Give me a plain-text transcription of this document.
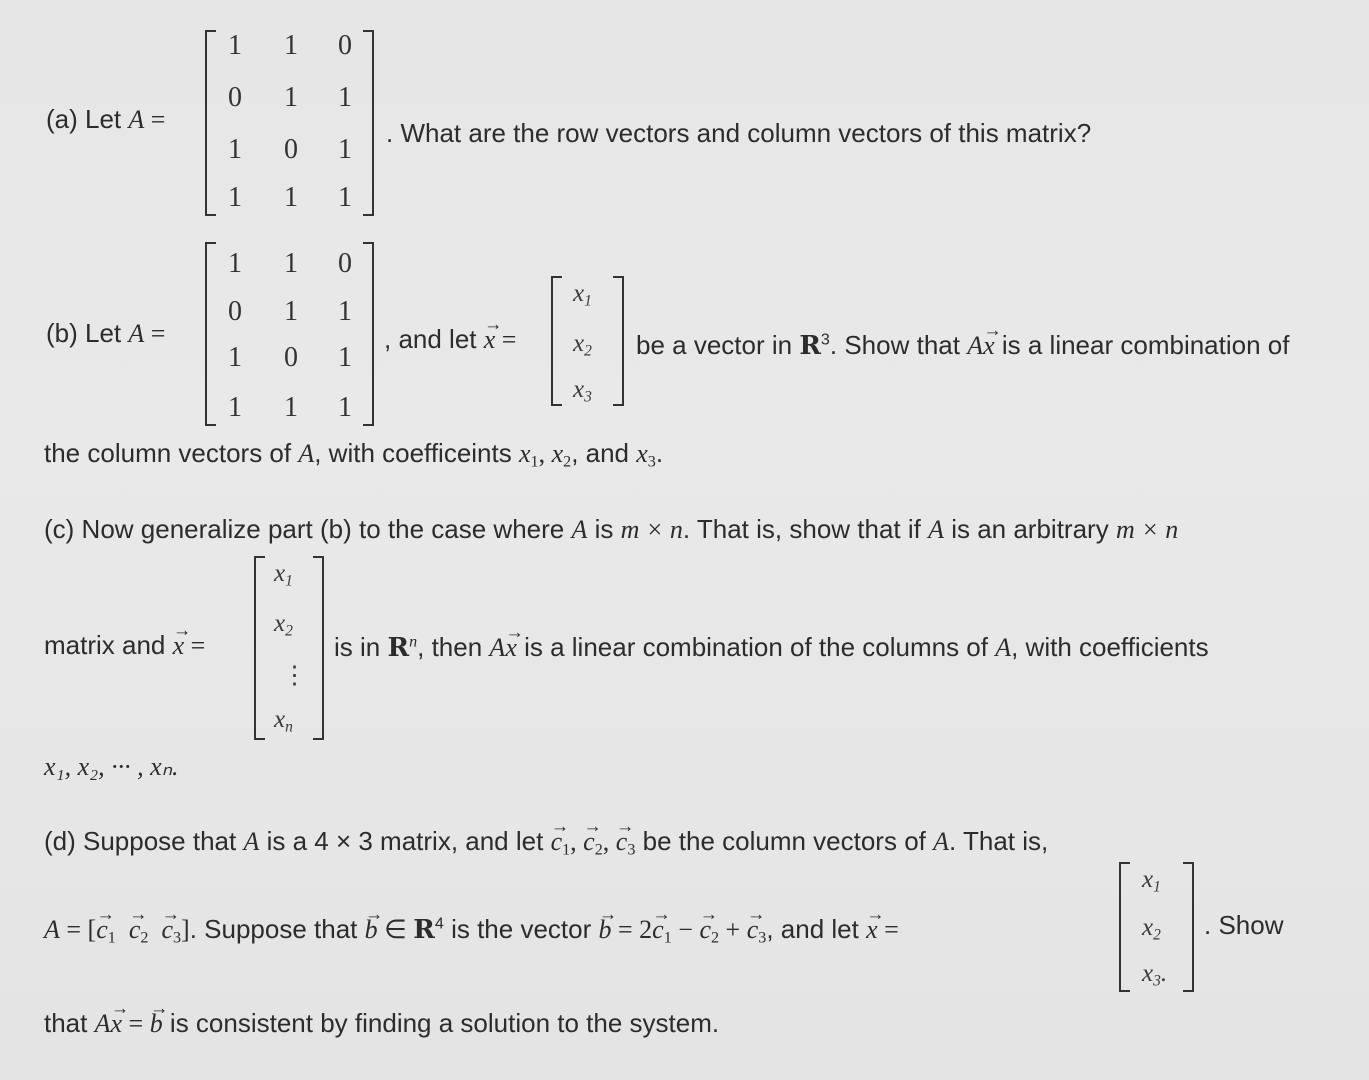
(a) Let A =
1 1 0
0 1 1
1 0 1
1 1 1
. What are the row vectors and column vectors of this matrix?
(b) Let A =
1 1 0
0 1 1
1 0 1
1 1 1
, and let → x =
$x_1$
$x_2$
$x_3$
be a vector in $R^3$. Show that A→ x is a linear combination of
the column vectors of A, with coefficeints $x_1$, $x_2$, and $x_3$.
(c) Now generalize part (b) to the case where A is m × n. That is, show that if A is an arbitrary m × n
matrix and → x =
$x_1$
$x_2$
⋮
$x_n$
is in $R^n$, then A→ x is a linear combination of the columns of A, with coefficients
x₁, x₂, ··· , xₙ.
(d) Suppose that A is a 4 × 3 matrix, and let → $c_1$, → $c_2$, → $c_3$ be the column vectors of A. That is,
A = [→ $c_1 \to c_2 \to c_3$]. Suppose that → b ∈ $R^4$ is the vector → $b = 2\to c_1$ − → $c_2$ + → $c_3$, and let → x =
$x_1$
$x_2$
$x_3$.
. Show
that A→ x = → b is consistent by finding a solution to the system.
